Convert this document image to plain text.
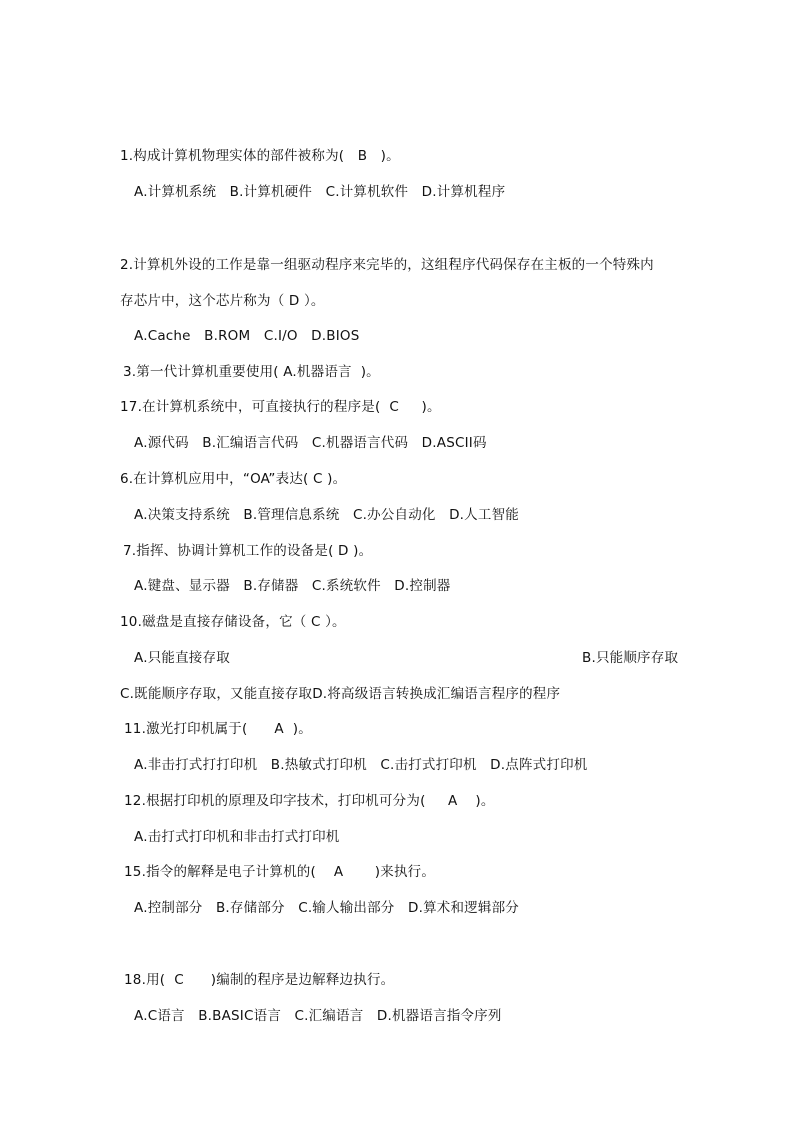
1.构成计算机物理实体的部件被称为(   B   )。
A.计算机系统   B.计算机硬件   C.计算机软件   D.计算机程序
2.计算机外设的工作是靠一组驱动程序来完毕的，这组程序代码保存在主板的一个特殊内
存芯片中，这个芯片称为（ D ）。
A.Cache   B.ROM   C.I/O   D.BIOS
3.第一代计算机重要使用( A.机器语言  )。
17.在计算机系统中，可直接执行的程序是(  C     )。
A.源代码   B.汇编语言代码   C.机器语言代码   D.ASCII码
6.在计算机应用中，“OA”表达( C )。
A.决策支持系统   B.管理信息系统   C.办公自动化   D.人工智能
7.指挥、协调计算机工作的设备是( D )。
A.键盘、显示器   B.存储器   C.系统软件   D.控制器
10.磁盘是直接存储设备，它（ C ）。
A.只能直接存取	B.只能顺序存取
C.既能顺序存取，又能直接存取D.将高级语言转换成汇编语言程序的程序
11.激光打印机属于(      A  )。
A.非击打式打打印机   B.热敏式打印机   C.击打式打印机   D.点阵式打印机
12.根据打印机的原理及印字技术，打印机可分为(     A    )。
A.击打式打印机和非击打式打印机
15.指令的解释是电子计算机的(    A       )来执行。
A.控制部分   B.存储部分   C.输人输出部分   D.算术和逻辑部分
18.用(  C      )编制的程序是边解释边执行。
A.C语言   B.BASIC语言   C.汇编语言   D.机器语言指令序列
